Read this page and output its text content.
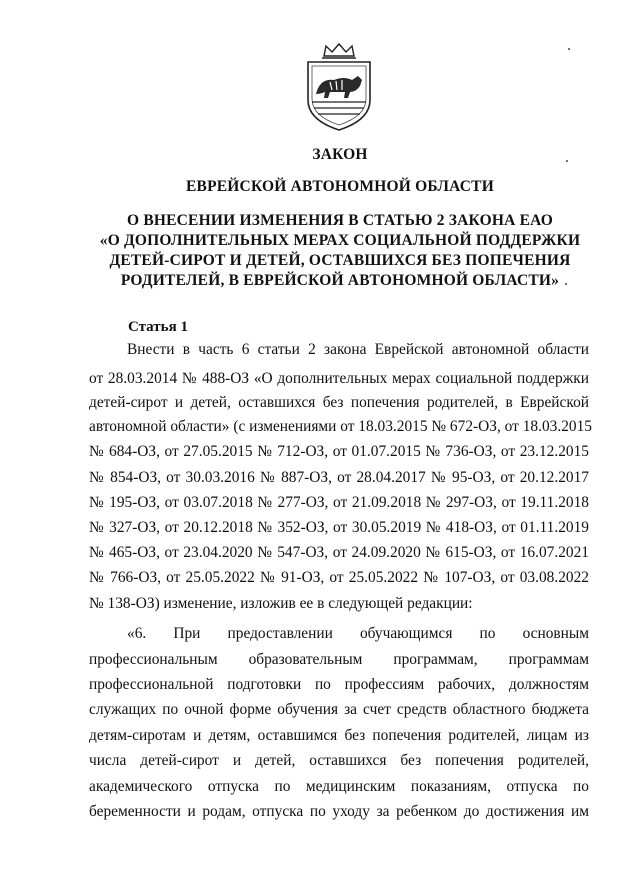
ЗАКОН
ЕВРЕЙСКОЙ АВТОНОМНОЙ ОБЛАСТИ
О ВНЕСЕНИИ ИЗМЕНЕНИЯ В СТАТЬЮ 2 ЗАКОНА ЕАО
«О ДОПОЛНИТЕЛЬНЫХ МЕРАХ СОЦИАЛЬНОЙ ПОДДЕРЖКИ
ДЕТЕЙ-СИРОТ И ДЕТЕЙ, ОСТАВШИХСЯ БЕЗ ПОПЕЧЕНИЯ
РОДИТЕЛЕЙ, В ЕВРЕЙСКОЙ АВТОНОМНОЙ ОБЛАСТИ»
Статья 1
Внести в часть 6 статьи 2 закона Еврейской автономной области
от 28.03.2014 № 488-ОЗ «О дополнительных мерах социальной поддержки
детей-сирот и детей, оставшихся без попечения родителей, в Еврейской
автономной области» (с изменениями от 18.03.2015 № 672-ОЗ, от 18.03.2015
№ 684-ОЗ, от 27.05.2015 № 712-ОЗ, от 01.07.2015 № 736-ОЗ, от 23.12.2015
№ 854-ОЗ, от 30.03.2016 № 887-ОЗ, от 28.04.2017 № 95-ОЗ, от 20.12.2017
№ 195-ОЗ, от 03.07.2018 № 277-ОЗ, от 21.09.2018 № 297-ОЗ, от 19.11.2018
№ 327-ОЗ, от 20.12.2018 № 352-ОЗ, от 30.05.2019 № 418-ОЗ, от 01.11.2019
№ 465-ОЗ, от 23.04.2020 № 547-ОЗ, от 24.09.2020 № 615-ОЗ, от 16.07.2021
№ 766-ОЗ, от 25.05.2022 № 91-ОЗ, от 25.05.2022 № 107-ОЗ, от 03.08.2022
№ 138-ОЗ) изменение, изложив ее в следующей редакции:
«6. При предоставлении обучающимся по основным
профессиональным образовательным программам, программам
профессиональной подготовки по профессиям рабочих, должностям
служащих по очной форме обучения за счет средств областного бюджета
детям-сиротам и детям, оставшимся без попечения родителей, лицам из
числа детей-сирот и детей, оставшихся без попечения родителей,
академического отпуска по медицинским показаниям, отпуска по
беременности и родам, отпуска по уходу за ребенком до достижения им
